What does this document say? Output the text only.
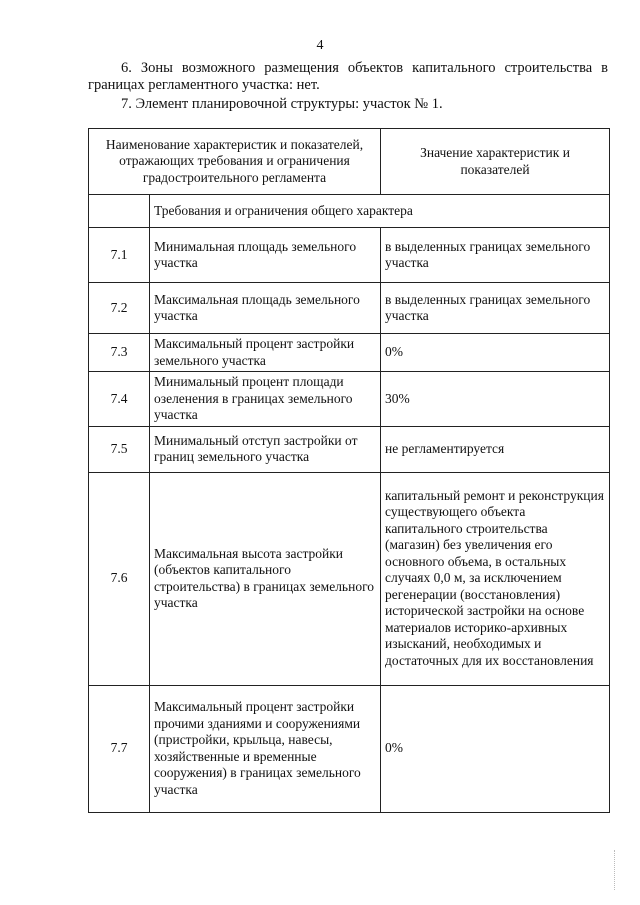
4

6. Зоны возможного размещения объектов капитального строительства в границах регламентного участка: нет.

7. Элемент планировочной структуры: участок № 1.

Наименование характеристик и показателей, отражающих требования и ограничения градостроительного регламента		Значение характеристик и показателей
	Требования и ограничения общего характера	
7.1	Минимальная площадь земельного участка	в выделенных границах земельного участка
7.2	Максимальная площадь земельного участка	в выделенных границах земельного участка
7.3	Максимальный процент застройки земельного участка	0%
7.4	Минимальный процент площади озеленения в границах земельного участка	30%
7.5	Минимальный отступ застройки от границ земельного участка	не регламентируется
7.6	Максимальная высота застройки (объектов капитального строительства) в границах земельного участка	капитальный ремонт и реконструкция существующего объекта капитального строительства (магазин) без увеличения его основного объема, в остальных случаях 0,0 м, за исключением регенерации (восстановления) исторической застройки на основе материалов историко-архивных изысканий, необходимых и достаточных для их восстановления
7.7	Максимальный процент застройки прочими зданиями и сооружениями (пристройки, крыльца, навесы, хозяйственные и временные сооружения) в границах земельного участка	0%
